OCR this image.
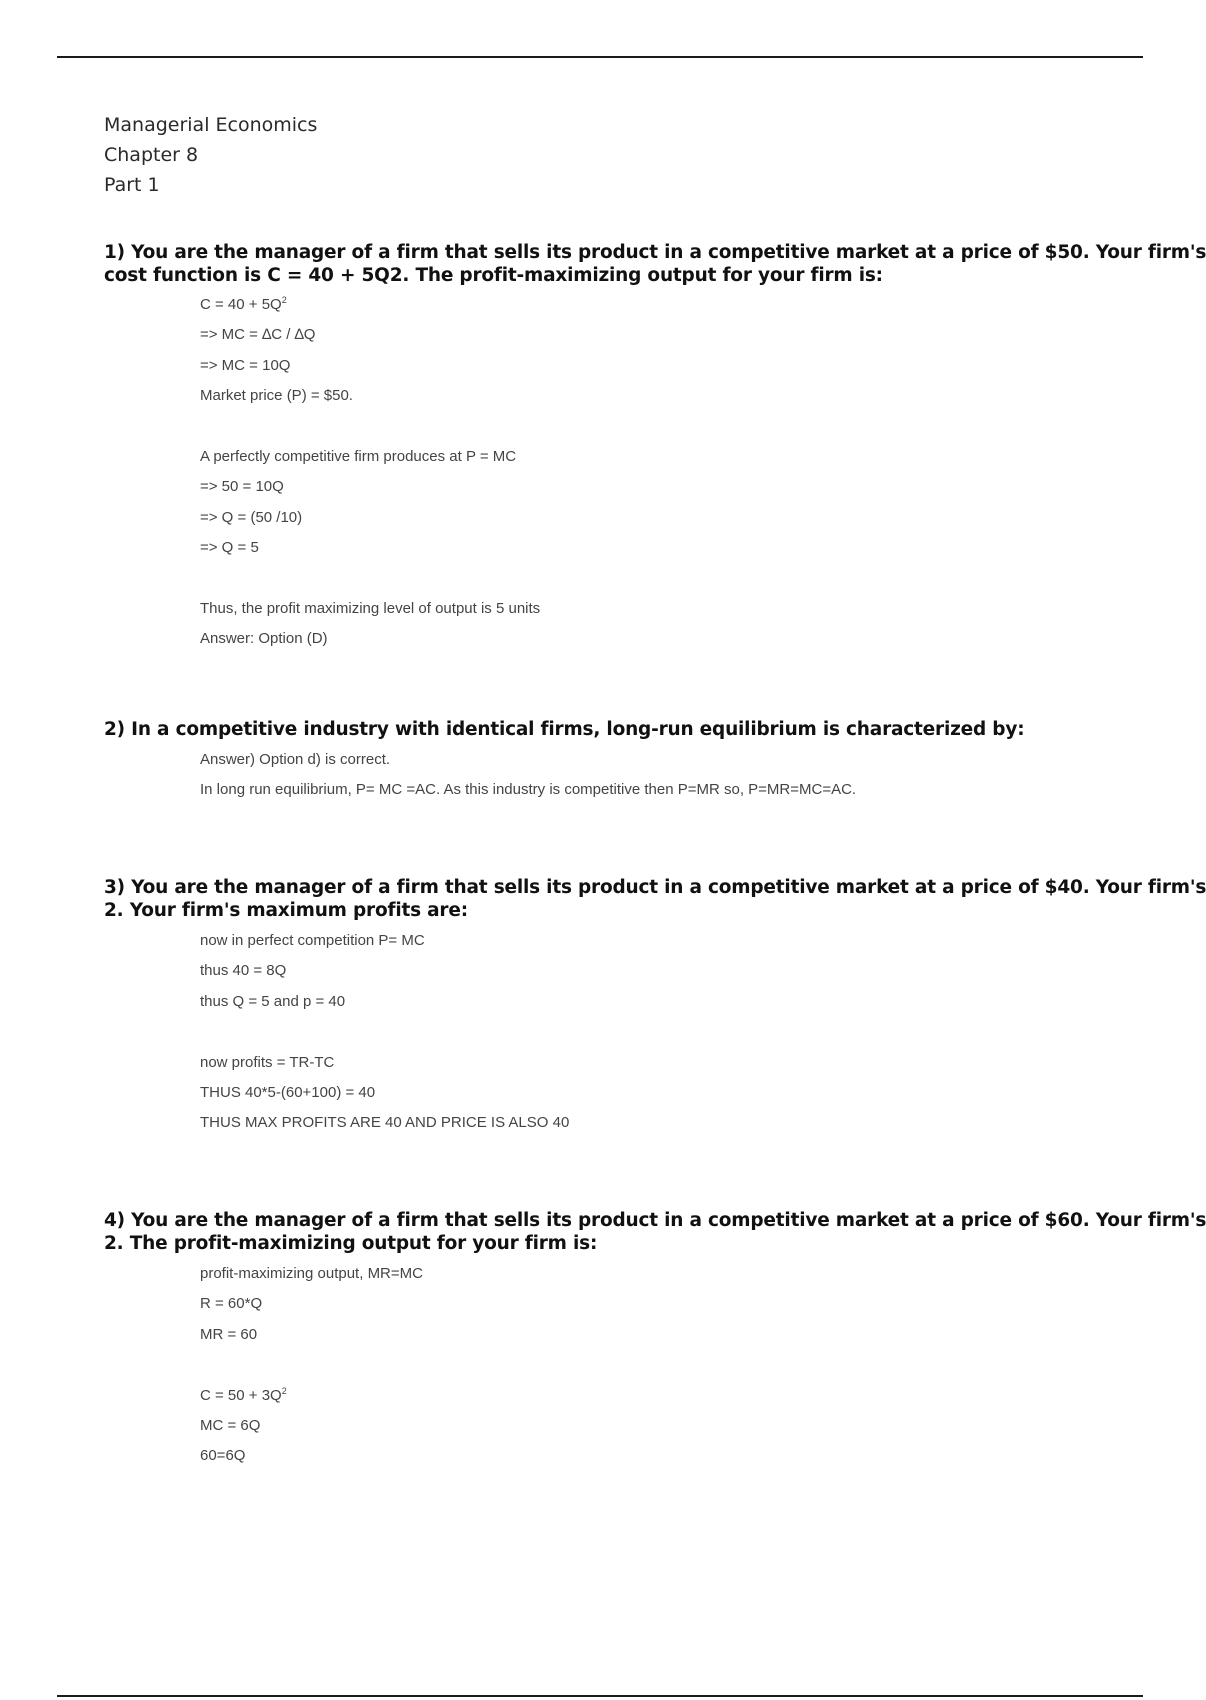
Managerial Economics
Chapter 8
Part 1
1) You are the manager of a firm that sells its product in a competitive market at a price of $50. Your firm's
cost function is C = 40 + 5Q2. The profit-maximizing output for your firm is:
$C = 40 + 5Q^2$
=> MC = ∆C / ∆Q
=> MC = 10Q
Market price (P) = $50.
A perfectly competitive firm produces at P = MC
=> 50 = 10Q
=> Q = (50 /10)
=> Q = 5
Thus, the profit maximizing level of output is 5 units
Answer: Option (D)
2) In a competitive industry with identical firms, long-run equilibrium is characterized by:
Answer) Option d) is correct.
In long run equilibrium, P= MC =AC. As this industry is competitive then P=MR so, P=MR=MC=AC.
3) You are the manager of a firm that sells its product in a competitive market at a price of $40. Your firm's
2. Your firm's maximum profits are:
now in perfect competition P= MC
thus 40 = 8Q
thus Q = 5 and p = 40
now profits = TR-TC
THUS 40*5-(60+100) = 40
THUS MAX PROFITS ARE 40 AND PRICE IS ALSO 40
4) You are the manager of a firm that sells its product in a competitive market at a price of $60. Your firm's
2. The profit-maximizing output for your firm is:
profit-maximizing output, MR=MC
R = 60*Q
MR = 60
$C = 50 + 3Q^2$
MC = 6Q
60=6Q
